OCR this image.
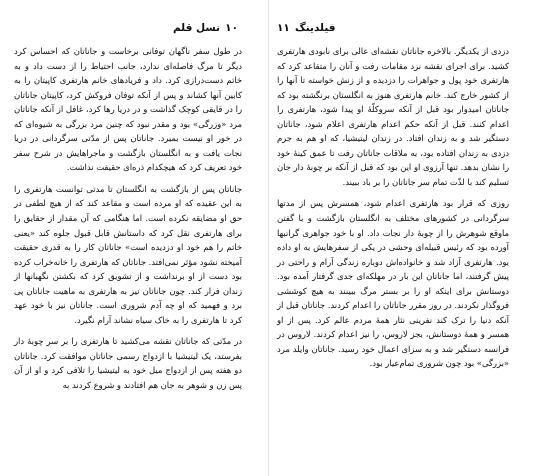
نسل قلم ۱۰

در طول سفر ناگهان توفانی برخاست و جاناتان که احساس کرد دیگر تا مرگ فاصله‌ای ندارد، جانب احتیاط را از دست داد و به خاتم دست‌درازی کرد. داد و فریادهای خانم هارتفری کاپیتان را به کابین آنها کشاند و پس از آنکه توفان فروکش کرد، کاپیتان جاناتان را در قایقی کوچک گذاشت و در دریا رها کرد، غافل از آنکه جاناتان مرد «وزرگی» بود و مقدر نبود که چنین مرد بزرگی به شیوه‌ای که در خور او نیست بمیرد. جاناتان پس از مدّتی سرگردانی در دریا نجات یافت و به انگلستان بازگشت و ماجراهایش در شرح سفر خود تعریف کرد که هیچکدام ذره‌ای حقیقت نداشت.

جاناتان پس از بازگشت به انگلستان تا مدتی توانست هارتفری را به این عقیده که او مرده است و مقاعد کند که از هیچ لطفی در حق او مضایقه نکرده است. اما هنگامی که آن مقدار از حقایق را برای هارتفری نقل کرد که داستانش قابل قبول جلوه کند «یعنی خاتم را هم خود او دزدیده است» جاناتان کار را به قدری حقیقت آمیخته نشود مؤثر نمی‌افتد. جاناتان که هارتفری را خانه‌خراب کرده بود دست از او برنداشت و از تشویق کرد که بکشتن نگهبانها از زندان فرار کند. چون جاناتان نیز به هارتفری به ماهیت جاناتان پی برد و فهمید که او چه آدم شروری است. جاناتان نیز با خود عهد کرد تا هارتفری را به خاک سیاه نشاند آرام نگیرد.

در مدّتی که جاناتان نقشه می‌کشید تا هارتفری را بر سر چوبهٔ دار بفرستد، یک لیتیشیا با ازدواج رسمی جاناتان موافقت کرد. جاناتان دو هفته پس از ازدواج میل خود به لیتیشیا را تلافی کرد و او از آن پس زن و شوهر به جان هم افتادند و شروع کردند به

۱۱ فیلدینگ

دزدی از یکدیگر. بالاخره جاناتان نقشه‌ای عالی برای نابودی هارتفری کشید. برای اجرای نقشه نزد مقامات رفت و آنان را متقاعد کرد که هارتفری خود پول و جواهرات را دزدیده و از زنش خواسته تا آنها را از کشور خارج کند. خانم هارتفری هنوز به انگلستان برنگشته بود که جاناتان امیدوار بود قبل از آنکه سروکلّهٔ او پیدا شود، هارتفری را اعدام کنند. قبل از آنکه حکم اعدام هارتفری اعلام شود، جاناتان دستگیر شد و به زندان افتاد. در زندان لیتیشیا، که او هم به جرم دزدی به زندان افتاده بود، به ملاقات جاناتان رفت تا عمق کینهٔ خود را نشان بدهد. تنها آرزوی او این بود که قبل از آنکه بر چوبهٔ دار جان تسلیم کند با لذّت تمام سر جاناتان را بر باد ببیند.

روزی که قرار بود هارتفری اعدام شود، همسرش پس از مدتها سرگردانی در کشورهای مختلف به انگلستان بازگشت و با گفتن ماوقع شوهرش را از چوبهٔ دار نجات داد. او با خود جواهری گرانبها آورده بود که رئیس قبیله‌ای وحشی در یکی از سفرهایش به او داده بود. هارتفری آزاد شد و خانواده‌اش دوباره زندگی آرام و راحتی در پیش گرفتند، اما جاناتان این بار در مهلکه‌ای جدی گرفتار آمده بود. دوستانش برای اینکه او را بر بستر مرگ ببینند به هیچ کوششی فروگذار نکردند. در روز مقرر جاناتان را اعدام کردند. جاناتان قبل از آنکه دنیا را ترک کند نفرینی نثار همهٔ مردم عالم کرد. پس از او همسر و همهٔ دوستانش، بجز لاروس، را نیز اعدام کردند. لاروس در فرانسه دستگیر شد و به سزای اعمال خود رسید. جاناتان وایلد مرد «بزرگی» بود چون شروری تمام‌عیار بود.
